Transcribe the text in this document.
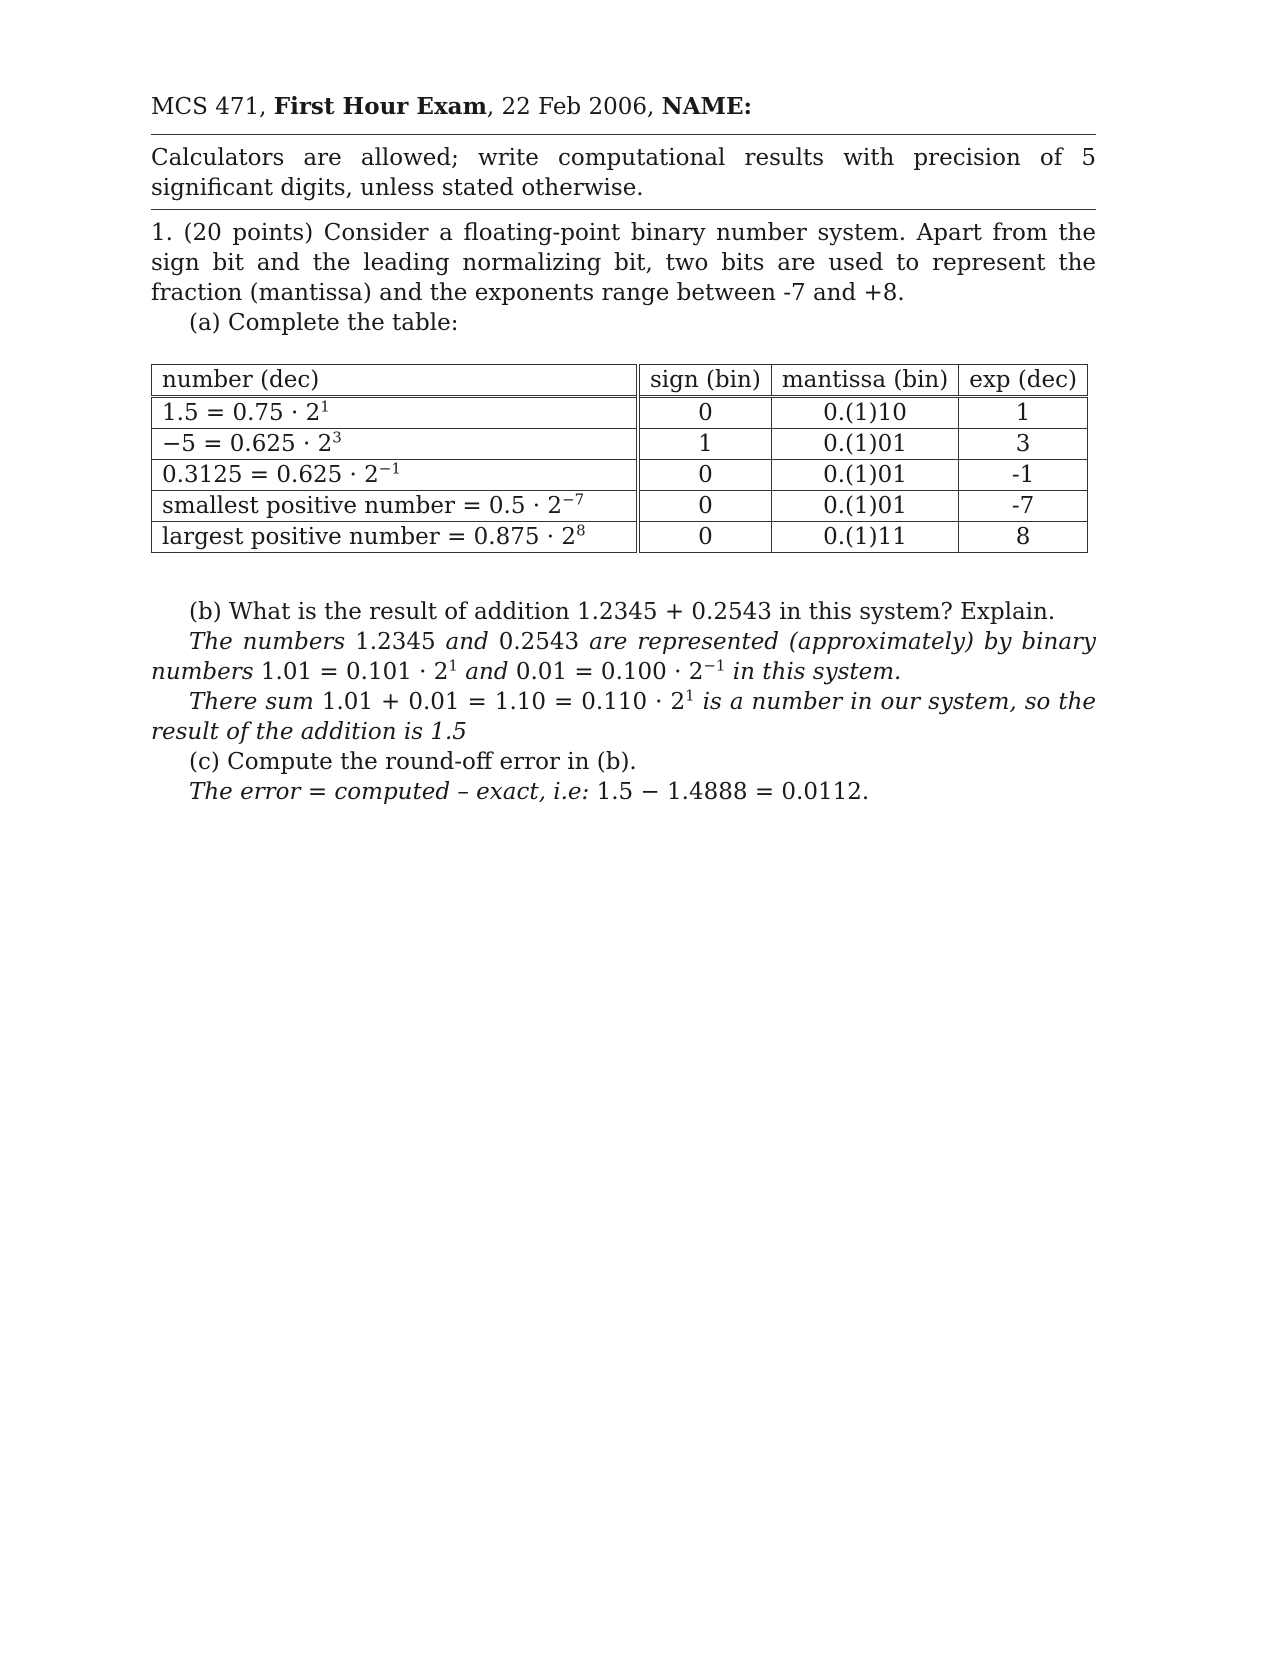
MCS 471, First Hour Exam, 22 Feb 2006, NAME:

Calculators are allowed; write computational results with precision of 5 significant digits, unless stated otherwise.

1. (20 points) Consider a floating-point binary number system. Apart from the sign bit and the leading normalizing bit, two bits are used to represent the fraction (mantissa) and the exponents range between -7 and +8.

(a) Complete the table:

number (dec)	sign (bin)	mantissa (bin)	exp (dec)
$1.5 = 0.75 \cdot 2^1$	0	0.(1)10	1
$-5 = 0.625 \cdot 2^3$	1	0.(1)01	3
$0.3125 = 0.625 \cdot 2^{-1}$	0	0.(1)01	-1
smallest positive number = $0.5 \cdot 2^{-7}$	0	0.(1)01	-7
largest positive number = $0.875 \cdot 2^8$	0	0.(1)11	8

(b) What is the result of addition 1.2345 + 0.2543 in this system? Explain.

The numbers 1.2345 and 0.2543 are represented (approximately) by binary numbers $1.01 = 0.101 \cdot 2^1$ and $0.01 = 0.100 \cdot 2^{-1}$ in this system.

There sum $1.01 + 0.01 = 1.10 = 0.110 \cdot 2^1$ is a number in our system, so the result of the addition is 1.5

(c) Compute the round-off error in (b).

The error = computed – exact, i.e: 1.5 − 1.4888 = 0.0112.
